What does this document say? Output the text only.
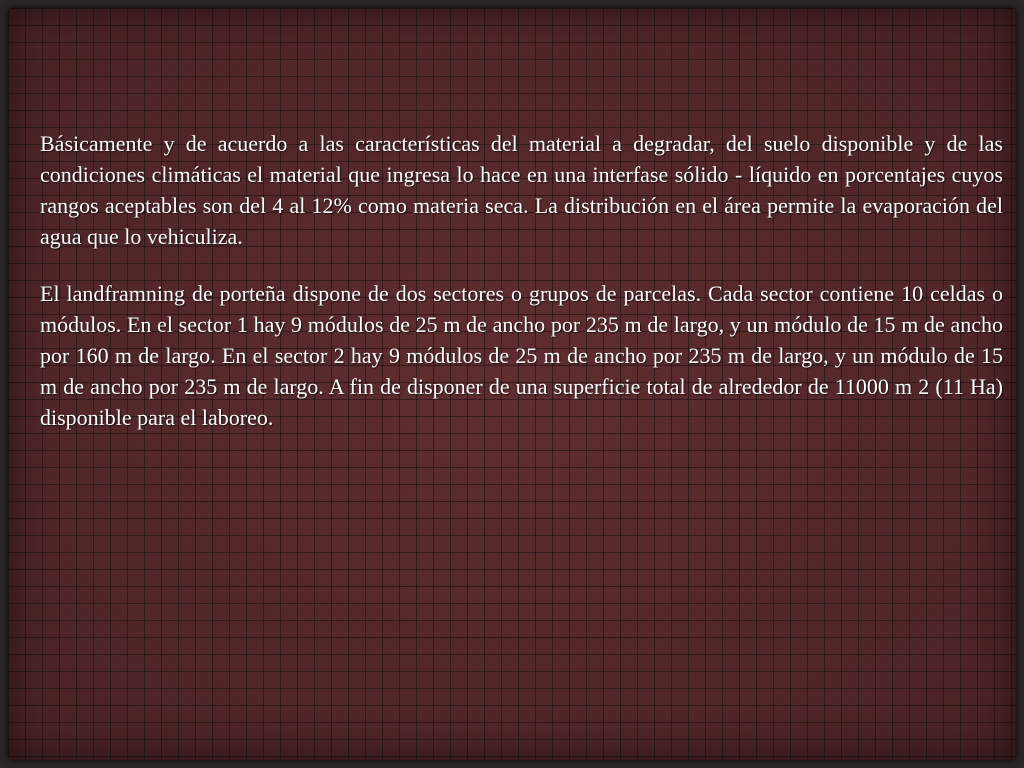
Básicamente y de acuerdo a las características del material a degradar, del suelo disponible y de las condiciones climáticas el material que ingresa lo hace en una interfase sólido - líquido en porcentajes cuyos rangos aceptables son del 4 al 12% como materia seca. La distribución en el área permite la evaporación del agua que lo vehiculiza.

El landframning de porteña dispone de dos sectores o grupos de parcelas. Cada sector contiene 10 celdas o módulos. En el sector 1 hay 9 módulos de 25 m de ancho por 235 m de largo, y un módulo de 15 m de ancho por 160 m de largo. En el sector 2 hay 9 módulos de 25 m de ancho por 235 m de largo, y un módulo de 15 m de ancho por 235 m de largo. A fin de disponer de una superficie total de alrededor de 11000 m 2 (11 Ha) disponible para el laboreo.
